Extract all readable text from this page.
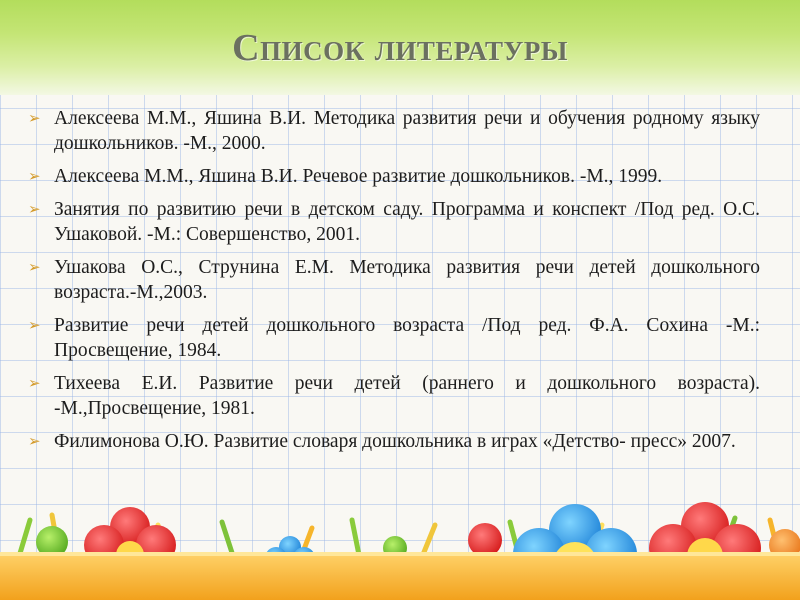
Список литературы
➢ Алексеева М.М., Яшина В.И. Методика развития речи и обучения родному языку дошкольников. -М., 2000.
➢ Алексеева М.М., Яшина В.И. Речевое развитие дошкольников. -М., 1999.
➢ Занятия по развитию речи в детском саду. Программа и конспект /Под ред. О.С. Ушаковой. -М.: Совершенство, 2001.
➢ Ушакова О.С., Струнина Е.М. Методика развития речи детей дошкольного возраста.-М.,2003.
➢ Развитие речи детей дошкольного возраста /Под ред. Ф.А. Сохина -М.: Просвещение, 1984.
➢ Тихеева Е.И. Развитие речи детей (раннего и дошкольного возраста). -М.,Просвещение, 1981.
➢ Филимонова О.Ю. Развитие словаря дошкольника в играх «Детство- пресс» 2007.
